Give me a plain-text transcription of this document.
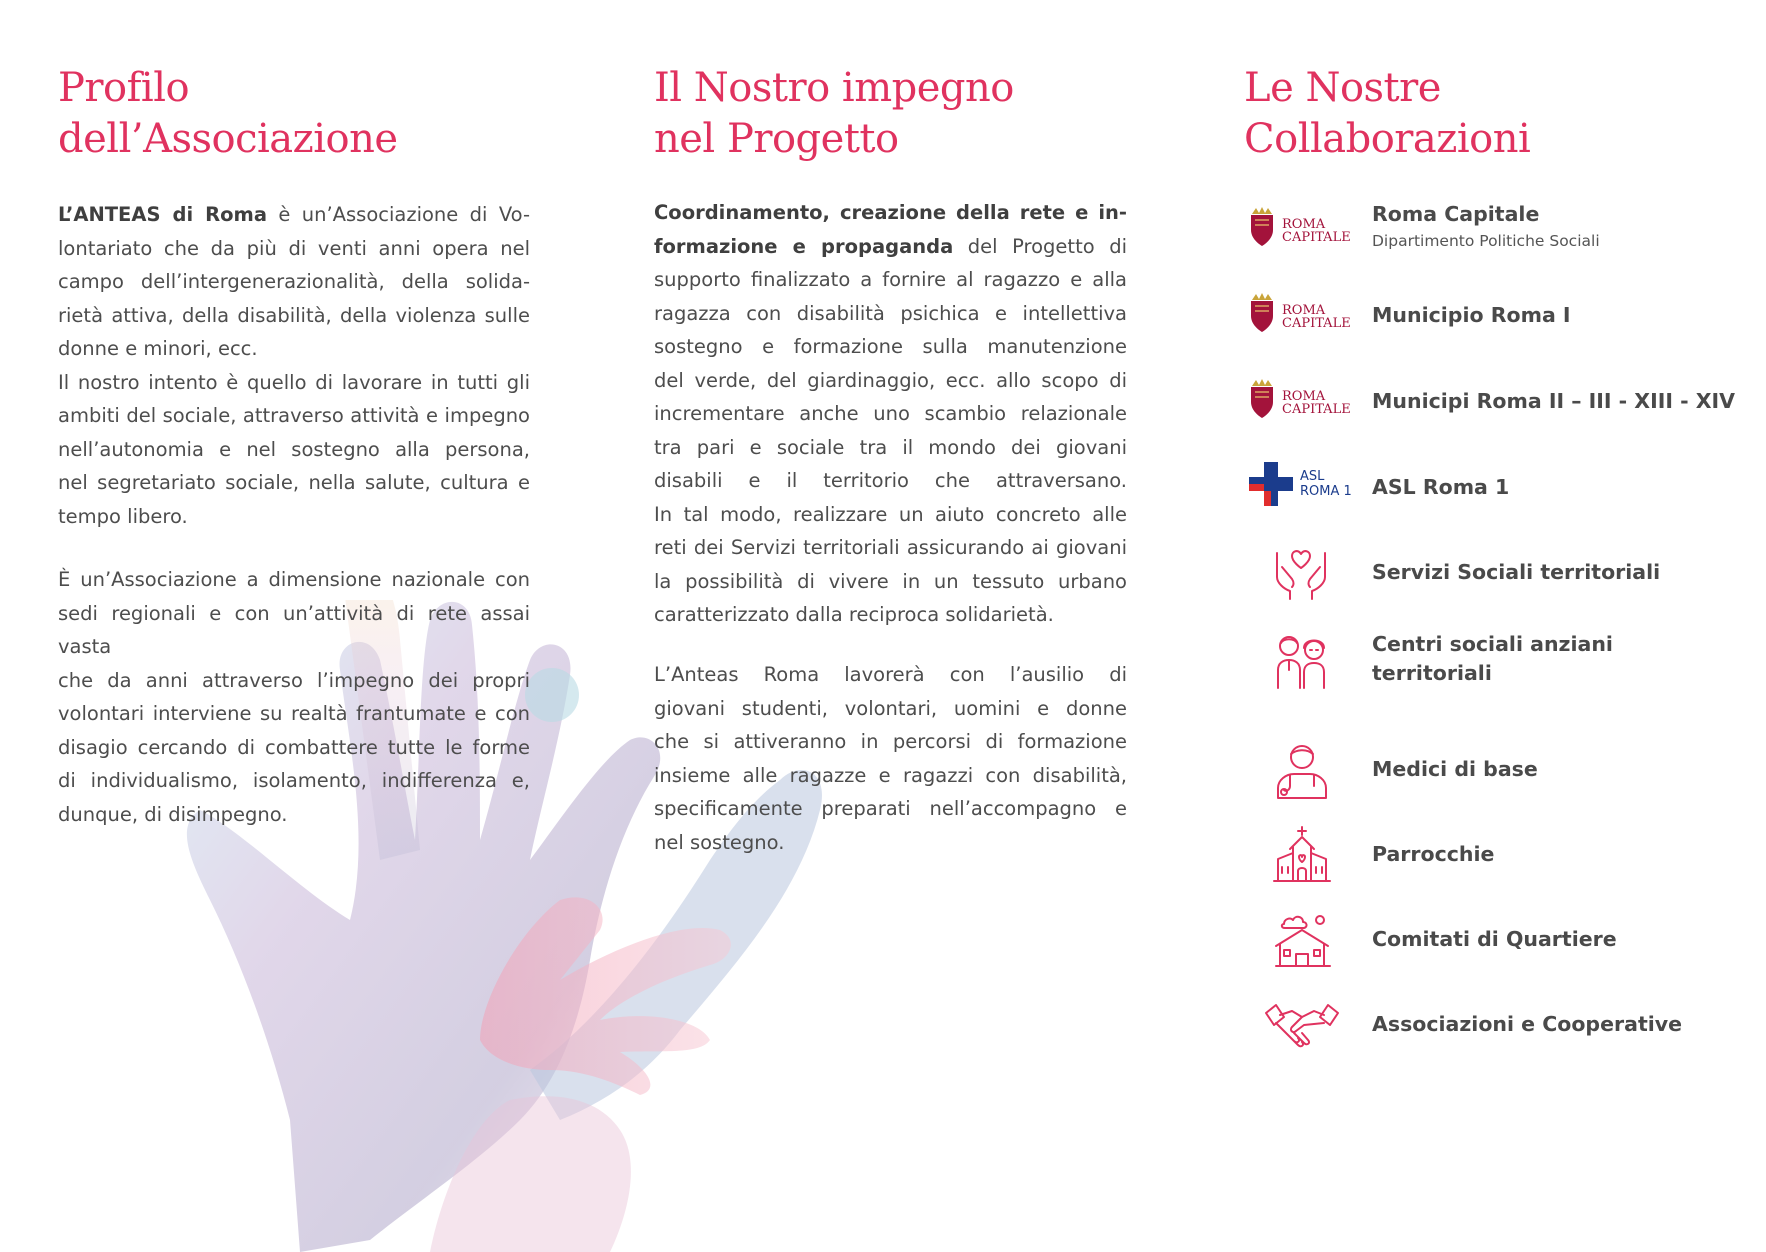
Profilo
dell’Associazione
L’ANTEAS di Roma è un’Associazione di Vo-
lontariato che da più di venti anni opera nel
campo dell’intergenerazionalità, della solida-
rietà attiva, della disabilità, della violenza sulle
donne e minori, ecc.
Il nostro intento è quello di lavorare in tutti gli
ambiti del sociale, attraverso attività e impegno
nell’autonomia e nel sostegno alla persona,
nel segretariato sociale, nella salute, cultura e
tempo libero.
È un’Associazione a dimensione nazionale con
sedi regionali e con un’attività di rete assai vasta
che da anni attraverso l’impegno dei propri
volontari interviene su realtà frantumate e con
disagio cercando di combattere tutte le forme
di individualismo, isolamento, indifferenza e,
dunque, di disimpegno.
Il Nostro impegno
nel Progetto
Coordinamento, creazione della rete e in-
formazione e propaganda del Progetto di
supporto finalizzato a fornire al ragazzo e alla
ragazza con disabilità psichica e intellettiva
sostegno e formazione sulla manutenzione
del verde, del giardinaggio, ecc. allo scopo di
incrementare anche uno scambio relazionale
tra pari e sociale tra il mondo dei giovani
disabili e il territorio che attraversano.
In tal modo, realizzare un aiuto concreto alle
reti dei Servizi territoriali assicurando ai giovani
la possibilità di vivere in un tessuto urbano
caratterizzato dalla reciproca solidarietà.
L’Anteas Roma lavorerà con l’ausilio di
giovani studenti, volontari, uomini e donne
che si attiveranno in percorsi di formazione
insieme alle ragazze e ragazzi con disabilità,
specificamente preparati nell’accompagno e
nel sostegno.
Le Nostre
Collaborazioni
ROMA
CAPITALE
Roma Capitale
Dipartimento Politiche Sociali
ROMA
CAPITALE Municipio Roma I
ROMA
CAPITALE Municipi Roma II – III - XIII - XIV
ASL
ROMA 1 ASL Roma 1
Servizi Sociali territoriali
Centri sociali anziani
territoriali
Medici di base
Parrocchie
Comitati di Quartiere
Associazioni e Cooperative
